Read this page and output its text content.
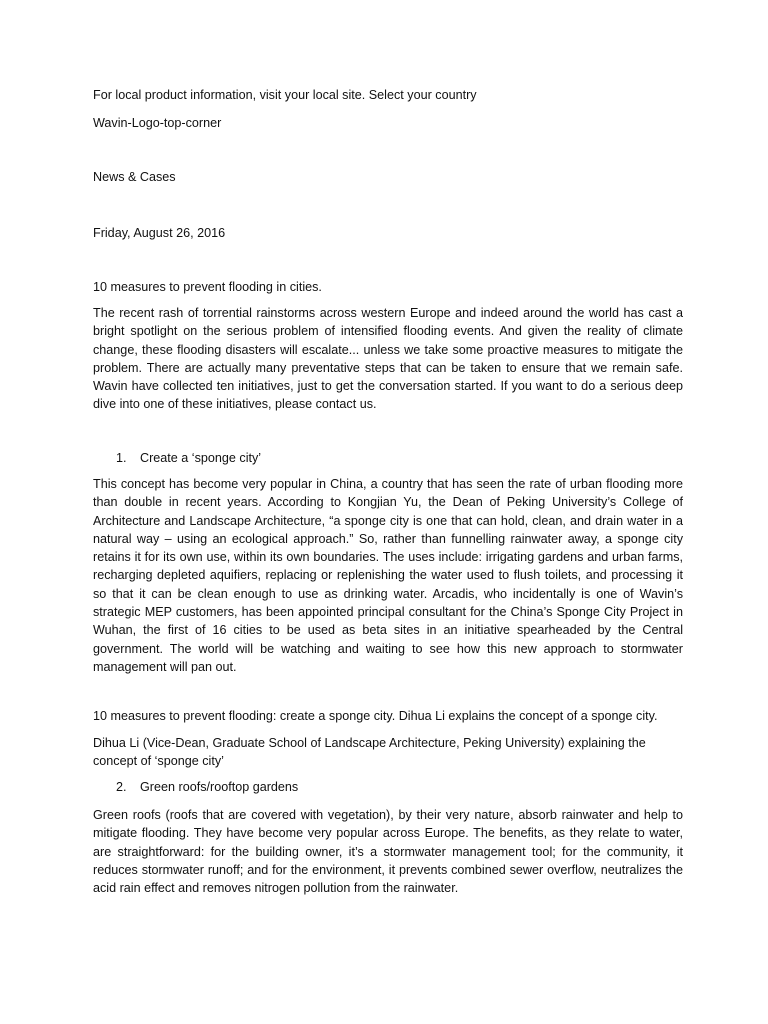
For local product information, visit your local site. Select your country

Wavin-Logo-top-corner

News & Cases

Friday, August 26, 2016

10 measures to prevent flooding in cities.

The recent rash of torrential rainstorms across western Europe and indeed around the world has cast a bright spotlight on the serious problem of intensified flooding events. And given the reality of climate change, these flooding disasters will escalate... unless we take some proactive measures to mitigate the problem. There are actually many preventative steps that can be taken to ensure that we remain safe. Wavin have collected ten initiatives, just to get the conversation started. If you want to do a serious deep dive into one of these initiatives, please contact us.

1. Create a ‘sponge city’

This concept has become very popular in China, a country that has seen the rate of urban flooding more than double in recent years. According to Kongjian Yu, the Dean of Peking University’s College of Architecture and Landscape Architecture, “a sponge city is one that can hold, clean, and drain water in a natural way – using an ecological approach.” So, rather than funnelling rainwater away, a sponge city retains it for its own use, within its own boundaries. The uses include: irrigating gardens and urban farms, recharging depleted aquifiers, replacing or replenishing the water used to flush toilets, and processing it so that it can be clean enough to use as drinking water. Arcadis, who incidentally is one of Wavin’s strategic MEP customers, has been appointed principal consultant for the China’s Sponge City Project in Wuhan, the first of 16 cities to be used as beta sites in an initiative spearheaded by the Central government. The world will be watching and waiting to see how this new approach to stormwater management will pan out.

10 measures to prevent flooding: create a sponge city. Dihua Li explains the concept of a sponge city.

Dihua Li (Vice-Dean, Graduate School of Landscape Architecture, Peking University) explaining the concept of ‘sponge city’

2. Green roofs/rooftop gardens

Green roofs (roofs that are covered with vegetation), by their very nature, absorb rainwater and help to mitigate flooding. They have become very popular across Europe. The benefits, as they relate to water, are straightforward: for the building owner, it’s a stormwater management tool; for the community, it reduces stormwater runoff; and for the environment, it prevents combined sewer overflow, neutralizes the acid rain effect and removes nitrogen pollution from the rainwater.
